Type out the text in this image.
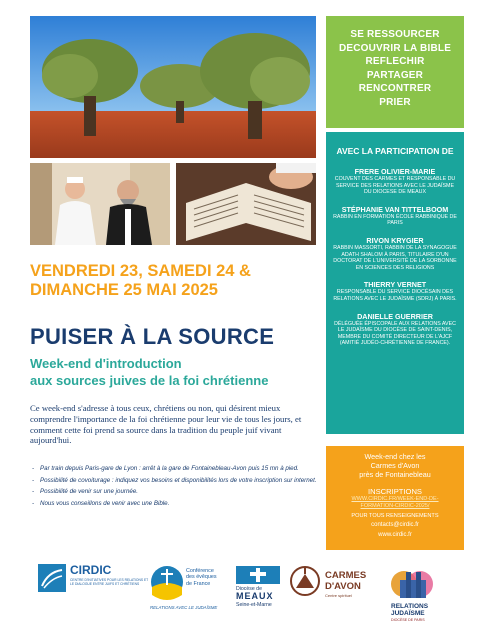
SE RESSOURCER
DECOUVRIR LA BIBLE
REFLECHIR
PARTAGER
RENCONTRER
PRIER
AVEC LA PARTICIPATION DE
FRERE OLIVIER-MARIE
COUVENT DES CARMES ET RESPONSABLE DU SERVICE DES RELATIONS AVEC LE JUDAÏSME DU DIOCESE DE MEAUX
STÉPHANIE VAN TITTELBOOM
RABBIN EN FORMATION ÉCOLE RABBINIQUE DE PARIS
RIVON KRYGIER
RABBIN MASSORTI, RABBIN DE LA SYNAGOGUE ADATH SHALOM À PARIS, TITULAIRE D'UN DOCTORAT DE L'UNIVERSITÉ DE LA SORBONNE EN SCIENCES DES RELIGIONS
THIERRY VERNET
RESPONSABLE DU SERVICE DIOCÉSAIN DES RELATIONS AVEC LE JUDAÏSME (SDRJ) À PARIS.
DANIELLE GUERRIER
DÉLÉGUÉE ÉPISCOPALE AUX RELATIONS AVEC LE JUDAÏSME DU DIOCÈSE DE SAINT-DENIS, MEMBRE DU COMITÉ DIRECTEUR DE L'AJCF (AMITIÉ JUDÉO-CHRÉTIENNE DE FRANCE).
Week-end chez les
Carmes d'Avon
près de Fontainebleau
INSCRIPTIONS
WWW.CIRDIC.FR/WEEK-END-DE-
FORMATION-CIRDIC-2025/
POUR TOUS RENSEIGNEMENTS
contacts@cirdic.fr
www.cirdic.fr
VENDREDI 23, SAMEDI 24 &
DIMANCHE 25 MAI 2025
PUISER À LA SOURCE
Week-end d'introduction
aux sources juives de la foi chrétienne
Ce week-end s'adresse à tous ceux, chrétiens ou non, qui désirent mieux comprendre l'importance de la foi chrétienne pour leur vie de tous les jours, et comment cette foi prend sa source dans la tradition du peuple juif vivant aujourd'hui.
- Par train depuis Paris-gare de Lyon : arrêt à la gare de Fontainebleau-Avon puis 15 mn à pied.
- Possibilité de covoiturage : indiquez vos besoins et disponibilités lors de votre inscription sur internet.
- Possibilité de venir sur une journée.
- Nous vous conseillons de venir avec une Bible.
CIRDIC
CENTRE D'INITIATIVES POUR LES RELATIONS ET LE DIALOGUE ENTRE JUIFS ET CHRÉTIENS
Conférence
des évêques
de France
RELATIONS AVEC LE JUDAÏSME
Diocèse de
MEAUX
Seine-et-Marne
CARMES
D'AVON
Centre spirituel
RELATIONS
JUDAÏSME
DIOCÈSE DE PARIS
